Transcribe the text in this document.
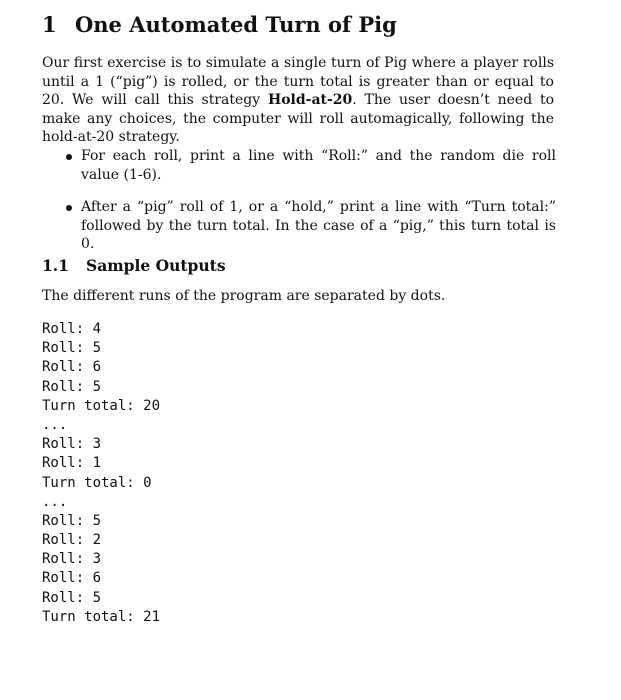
1 One Automated Turn of Pig

Our first exercise is to simulate a single turn of Pig where a player rolls until a 1 (“pig”) is rolled, or the turn total is greater than or equal to 20. We will call this strategy Hold-at-20. The user doesn’t need to make any choices, the computer will roll automagically, following the hold-at-20 strategy.

For each roll, print a line with “Roll:” and the random die roll value (1-6).
After a “pig” roll of 1, or a “hold,” print a line with “Turn total:” followed by the turn total. In the case of a “pig,” this turn total is 0.
1.1 Sample Outputs
The different runs of the program are separated by dots.
Roll: 4
Roll: 5
Roll: 6
Roll: 5
Turn total: 20
...
Roll: 3
Roll: 1
Turn total: 0
...
Roll: 5
Roll: 2
Roll: 3
Roll: 6
Roll: 5
Turn total: 21
